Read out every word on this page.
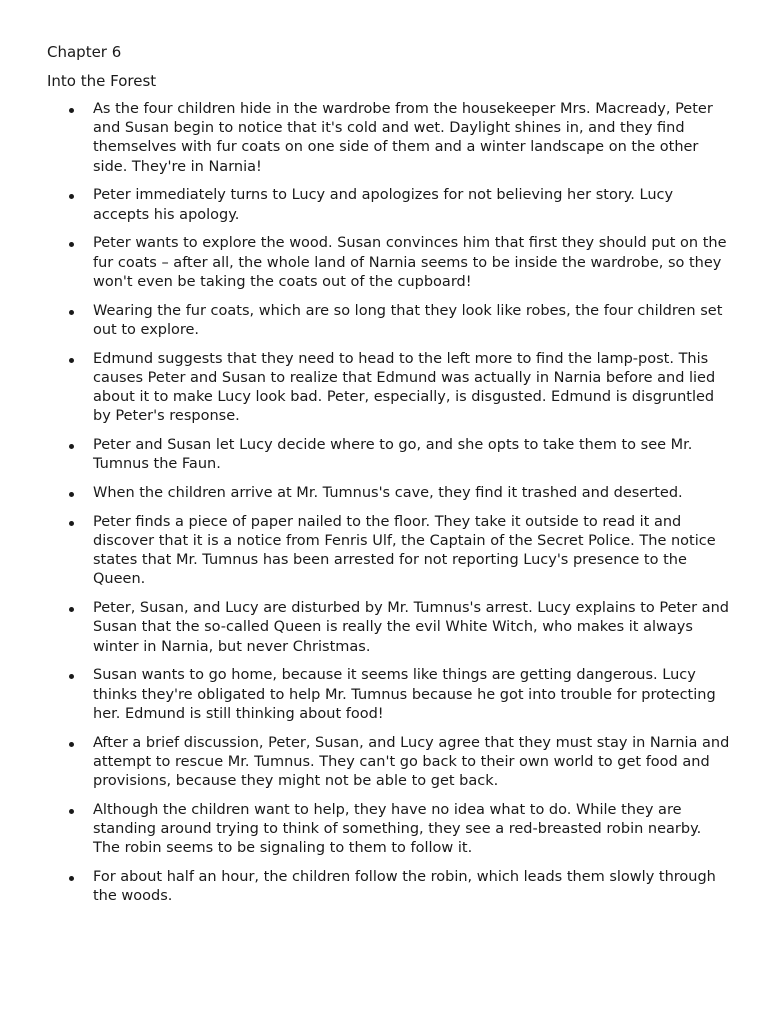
Chapter 6
Into the Forest
As the four children hide in the wardrobe from the housekeeper Mrs. Macready, Peter and Susan begin to notice that it's cold and wet. Daylight shines in, and they find themselves with fur coats on one side of them and a winter landscape on the other side. They're in Narnia!
Peter immediately turns to Lucy and apologizes for not believing her story. Lucy accepts his apology.
Peter wants to explore the wood. Susan convinces him that first they should put on the fur coats – after all, the whole land of Narnia seems to be inside the wardrobe, so they won't even be taking the coats out of the cupboard!
Wearing the fur coats, which are so long that they look like robes, the four children set out to explore.
Edmund suggests that they need to head to the left more to find the lamp-post. This causes Peter and Susan to realize that Edmund was actually in Narnia before and lied about it to make Lucy look bad. Peter, especially, is disgusted. Edmund is disgruntled by Peter's response.
Peter and Susan let Lucy decide where to go, and she opts to take them to see Mr. Tumnus the Faun.
When the children arrive at Mr. Tumnus's cave, they find it trashed and deserted.
Peter finds a piece of paper nailed to the floor. They take it outside to read it and discover that it is a notice from Fenris Ulf, the Captain of the Secret Police. The notice states that Mr. Tumnus has been arrested for not reporting Lucy's presence to the Queen.
Peter, Susan, and Lucy are disturbed by Mr. Tumnus's arrest. Lucy explains to Peter and Susan that the so-called Queen is really the evil White Witch, who makes it always winter in Narnia, but never Christmas.
Susan wants to go home, because it seems like things are getting dangerous. Lucy thinks they're obligated to help Mr. Tumnus because he got into trouble for protecting her. Edmund is still thinking about food!
After a brief discussion, Peter, Susan, and Lucy agree that they must stay in Narnia and attempt to rescue Mr. Tumnus. They can't go back to their own world to get food and provisions, because they might not be able to get back.
Although the children want to help, they have no idea what to do. While they are standing around trying to think of something, they see a red-breasted robin nearby. The robin seems to be signaling to them to follow it.
For about half an hour, the children follow the robin, which leads them slowly through the woods.
